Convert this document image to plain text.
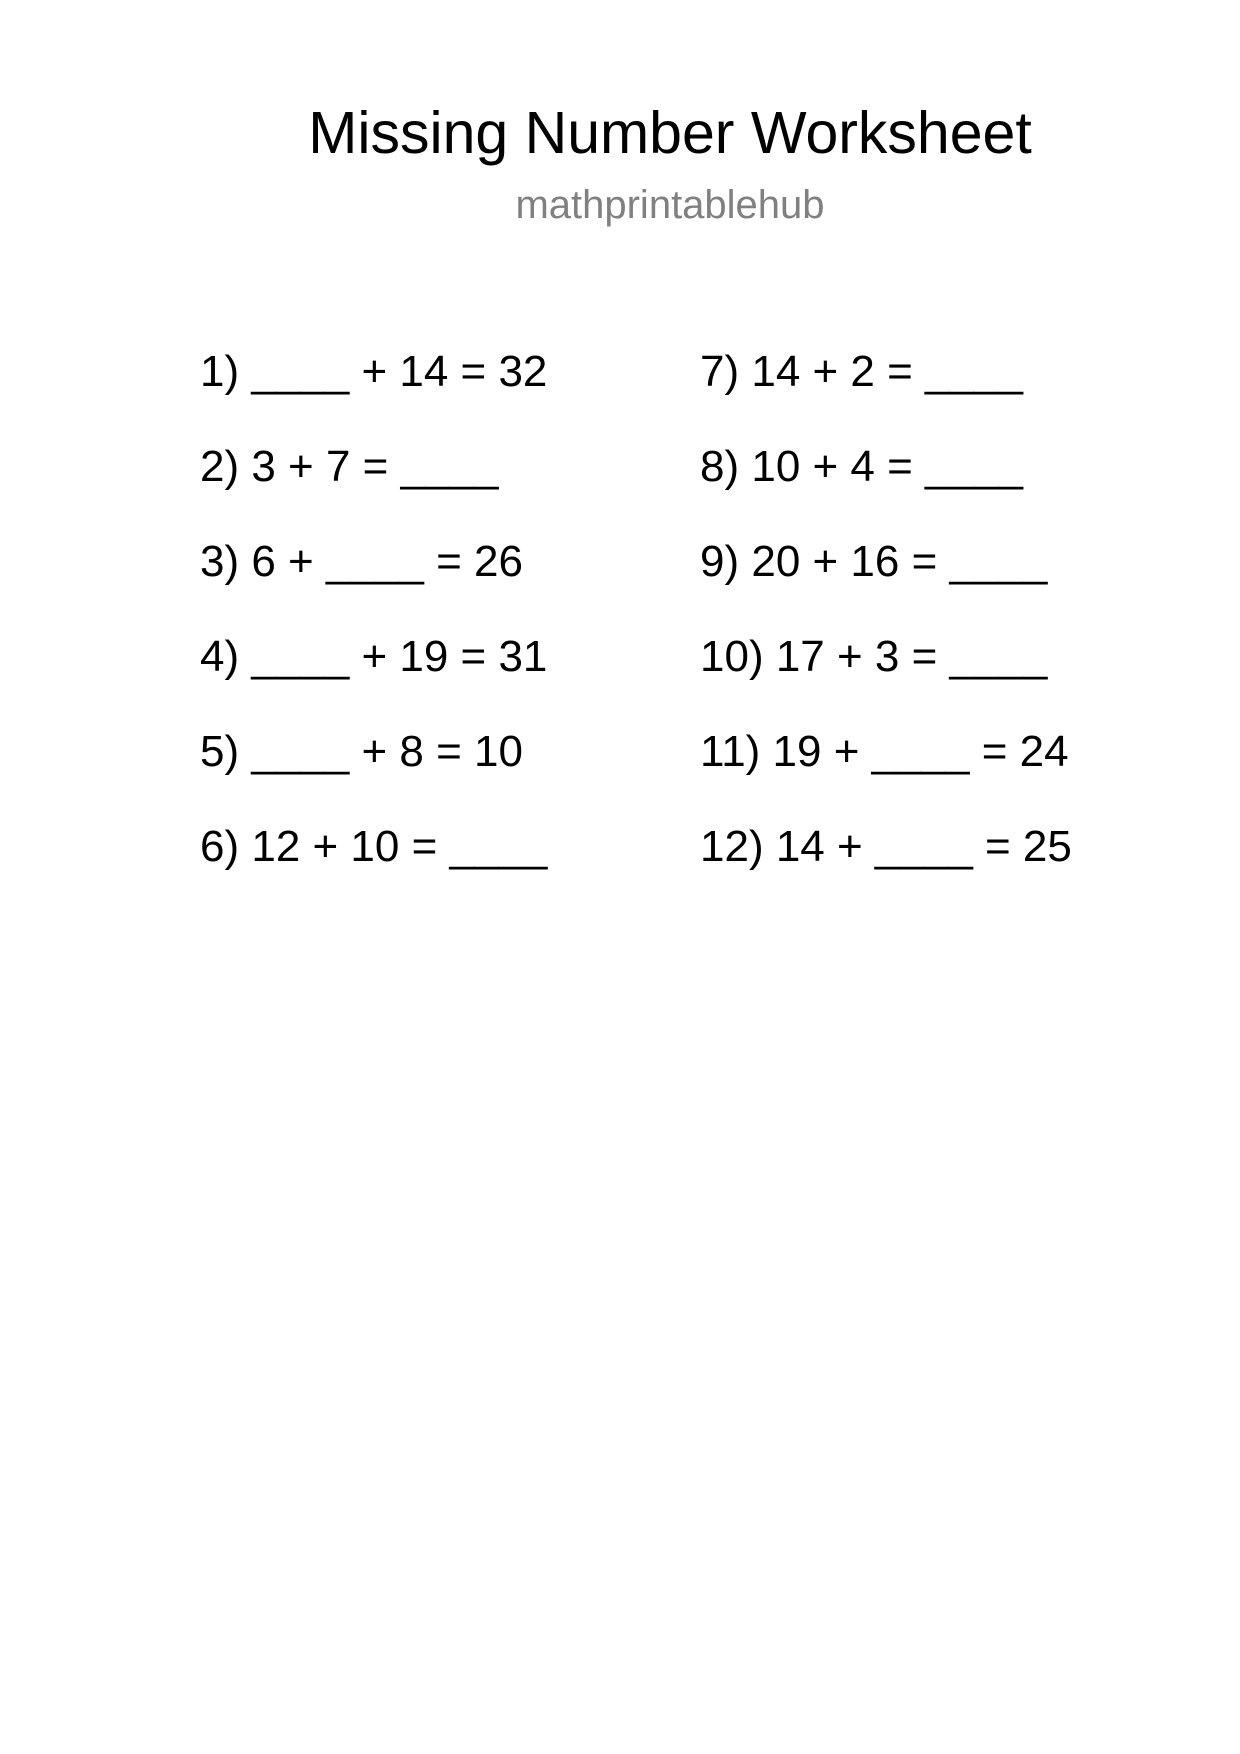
Missing Number Worksheet
mathprintablehub
1) ____ + 14 = 32
2) 3 + 7 = ____
3) 6 + ____ = 26
4) ____ + 19 = 31
5) ____ + 8 = 10
6) 12 + 10 = ____
7) 14 + 2 = ____
8) 10 + 4 = ____
9) 20 + 16 = ____
10) 17 + 3 = ____
11) 19 + ____ = 24
12) 14 + ____ = 25
